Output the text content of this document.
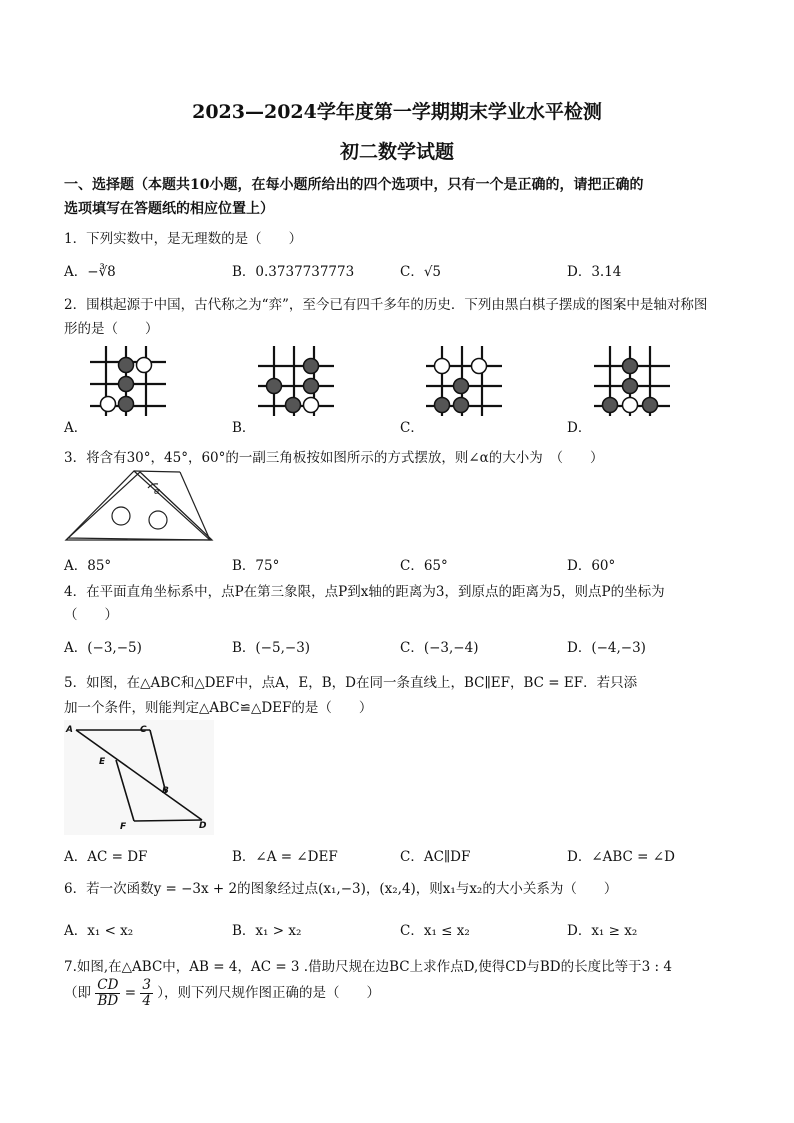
2023—2024学年度第一学期期末学业水平检测
初二数学试题
一、选择题（本题共10小题，在每小题所给出的四个选项中，只有一个是正确的，请把正确的
选项填写在答题纸的相应位置上）
1．下列实数中，是无理数的是（　　）
A．−∛8	B．0.3737737773	C．√5	D．3.14
2．围棋起源于中国，古代称之为“弈”，至今已有四千多年的历史．下列由黑白棋子摆成的图案中是轴对称图
形的是（　　）
A．	B．	C．	D．
3．将含有30°，45°，60°的一副三角板按如图所示的方式摆放，则∠α的大小为　（　　）
α
A．85°	B．75°	C．65°	D．60°
4．在平面直角坐标系中，点P在第三象限，点P到x轴的距离为3，到原点的距离为5，则点P的坐标为
（　　）
A．(−3,−5)	B．(−5,−3)	C．(−3,−4)	D．(−4,−3)
5．如图，在△ABC和△DEF中，点A，E，B，D在同一条直线上，BC∥EF，BC = EF．若只添
加一个条件，则能判定△ABC≌△DEF的是（　　）
A	C
E
B
F	D
A．AC = DF	B．∠A = ∠DEF	C．AC∥DF	D．∠ABC = ∠D
6．若一次函数y = −3x + 2的图象经过点(x₁,−3)，(x₂,4)，则x₁与x₂的大小关系为（　　）
A．x₁ < x₂	B．x₁ > x₂	C．x₁ ≤ x₂	D．x₁ ≥ x₂
7.如图,在△ABC中，AB = 4，AC = 3 .借助尺规在边BC上求作点D,使得CD与BD的长度比等于3 : 4
（即 $\frac{CD}{BD} = \frac{3}{4}$ ），则下列尺规作图正确的是（　　）
